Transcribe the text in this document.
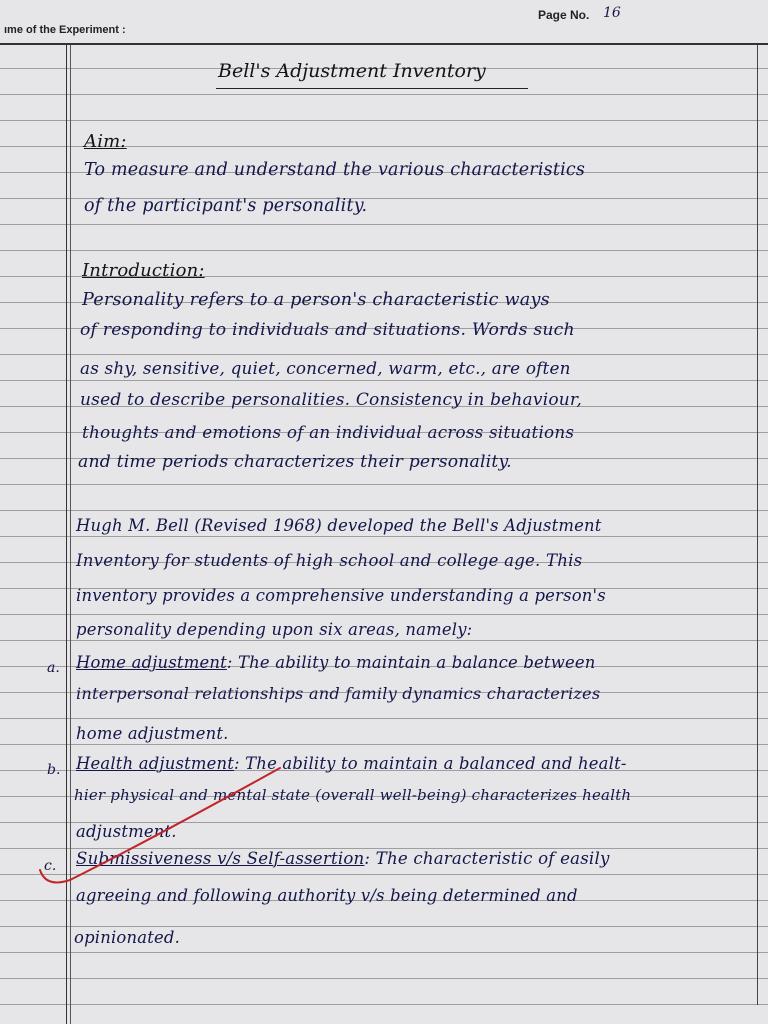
ıme of the Experiment :
Page No. 16
Bell's Adjustment Inventory
Aim:
To measure and understand the various characteristics
of the participant's personality.
Introduction:
Personality refers to a person's characteristic ways
of responding to individuals and situations. Words such
as shy, sensitive, quiet, concerned, warm, etc., are often
used to describe personalities. Consistency in behaviour,
thoughts and emotions of an individual across situations
and time periods characterizes their personality.
Hugh M. Bell (Revised 1968) developed the Bell's Adjustment
Inventory for students of high school and college age. This
inventory provides a comprehensive understanding a person's
personality depending upon six areas, namely:
a. Home adjustment: The ability to maintain a balance between
interpersonal relationships and family dynamics characterizes
home adjustment.
b. Health adjustment: The ability to maintain a balanced and healt-
hier physical and mental state (overall well-being) characterizes health
adjustment.
c. Submissiveness v/s Self-assertion: The characteristic of easily
agreeing and following authority v/s being determined and
opinionated.
